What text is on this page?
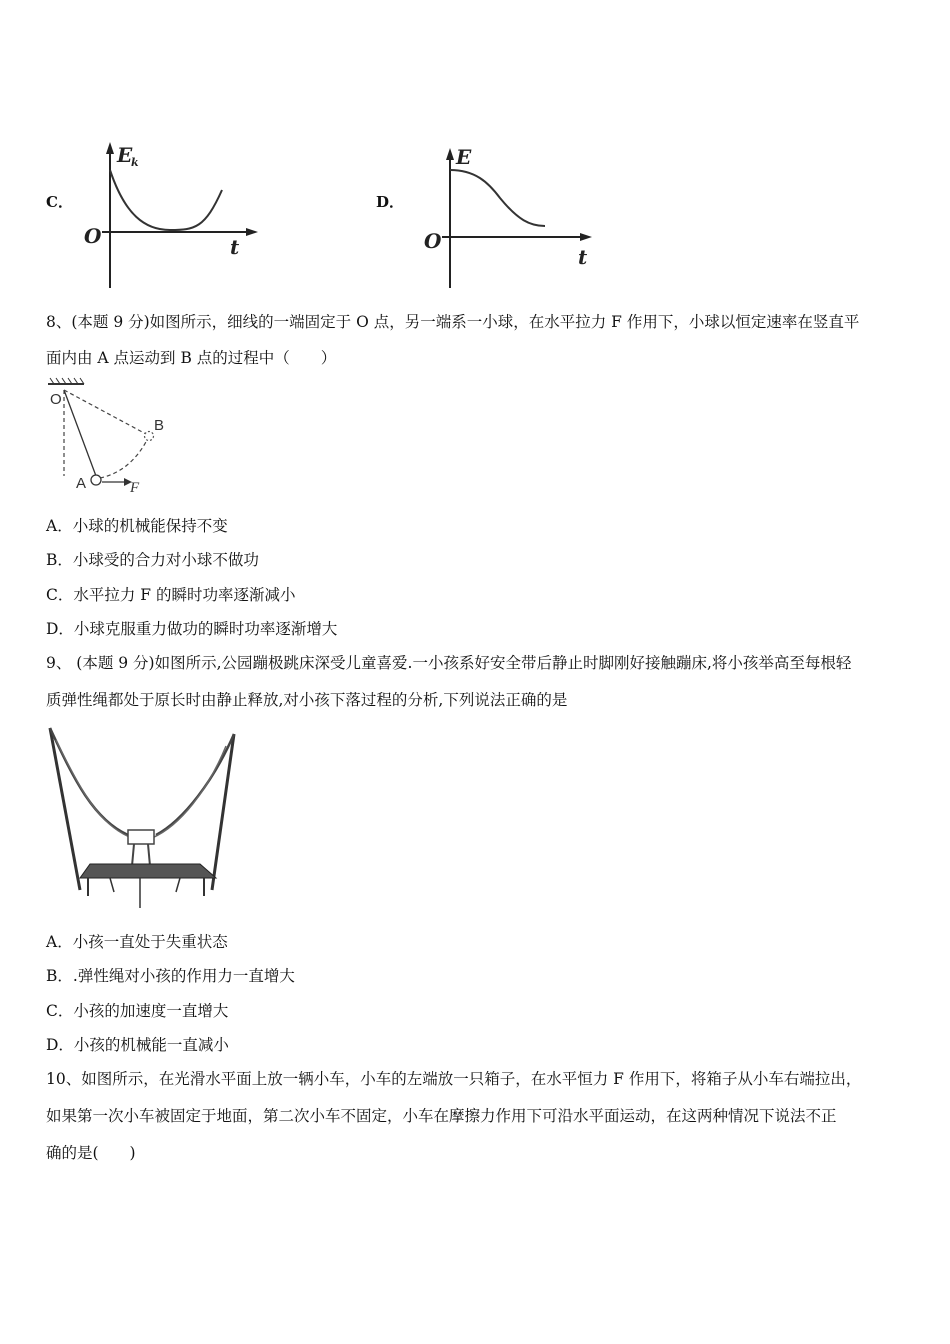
C．
E
k
O	t
D．
E
O
t
8、(本题 9 分)如图所示，细线的一端固定于 O 点，另一端系一小球，在水平拉力 F 作用下，小球以恒定速率在竖直平
面内由 A 点运动到 B 点的过程中（　　）
O
B
A	F
A．小球的机械能保持不变
B．小球受的合力对小球不做功
C．水平拉力 F 的瞬时功率逐渐减小
D．小球克服重力做功的瞬时功率逐渐增大
9、 (本题 9 分)如图所示,公园蹦极跳床深受儿童喜爱.一小孩系好安全带后静止时脚刚好接触蹦床,将小孩举高至每根轻
质弹性绳都处于原长时由静止释放,对小孩下落过程的分析,下列说法正确的是
A．小孩一直处于失重状态
B．.弹性绳对小孩的作用力一直增大
C．小孩的加速度一直增大
D．小孩的机械能一直减小
10、如图所示，在光滑水平面上放一辆小车，小车的左端放一只箱子，在水平恒力 F 作用下，将箱子从小车右端拉出，
如果第一次小车被固定于地面，第二次小车不固定，小车在摩擦力作用下可沿水平面运动，在这两种情况下说法不正
确的是(　　)
